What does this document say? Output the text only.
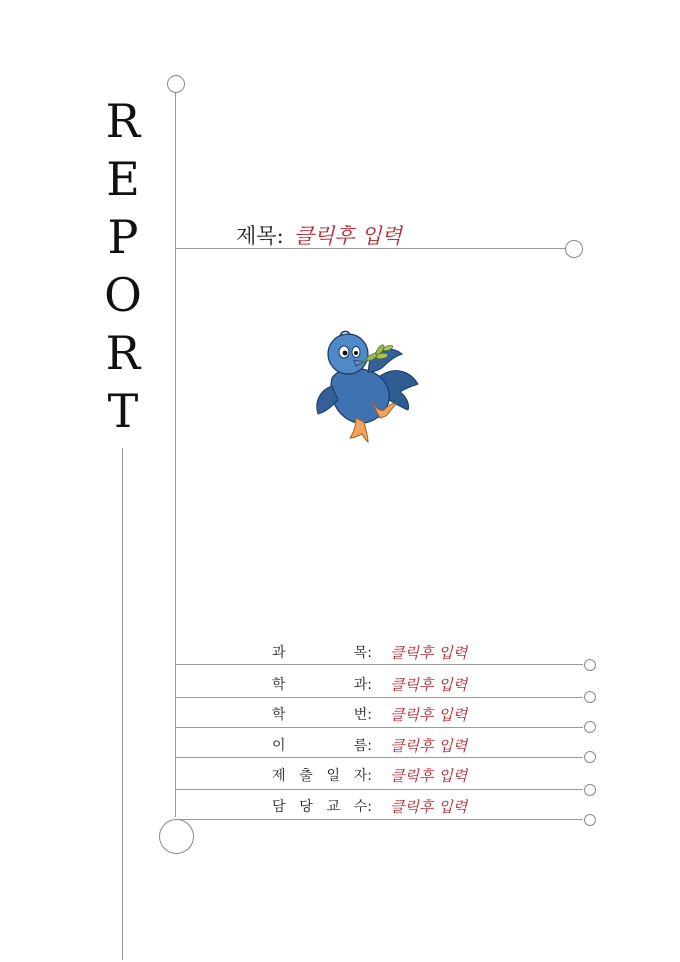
R
E
P
O
R
T
제목: 클릭후 입력
과	목: 클릭후 입력
학	과: 클릭후 입력
학	번: 클릭후 입력
이	름: 클릭후 입력
제 출 일 자: 클릭후 입력
담 당 교 수: 클릭후 입력
